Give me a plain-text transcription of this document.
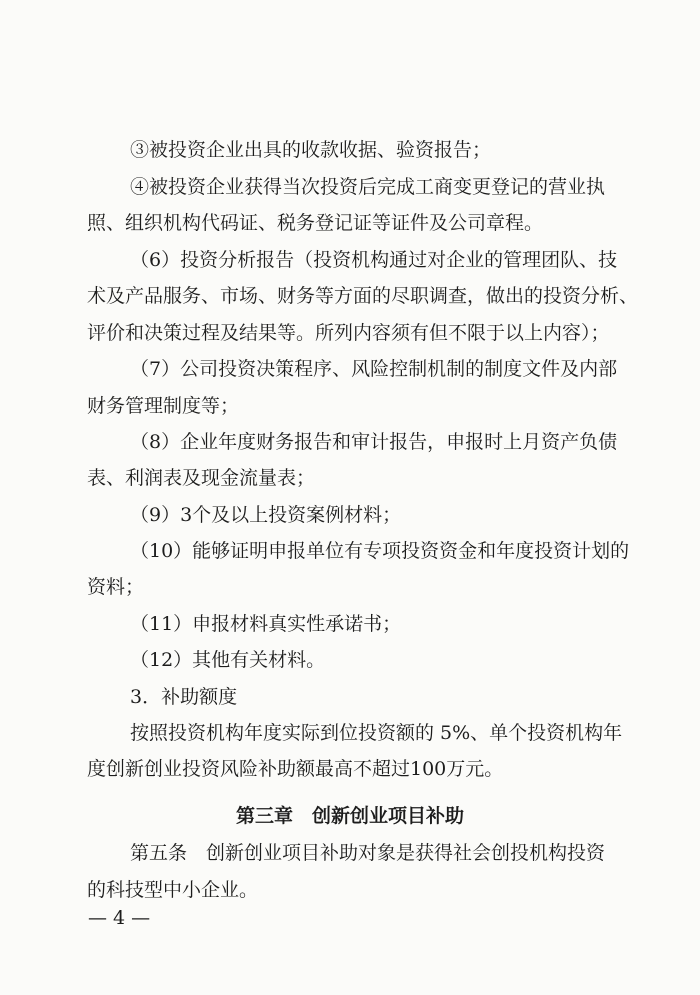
③被投资企业出具的收款收据、验资报告；
④被投资企业获得当次投资后完成工商变更登记的营业执
照、组织机构代码证、税务登记证等证件及公司章程。
（6）投资分析报告（投资机构通过对企业的管理团队、技
术及产品服务、市场、财务等方面的尽职调查，做出的投资分析、
评价和决策过程及结果等。所列内容须有但不限于以上内容）；
（7）公司投资决策程序、风险控制机制的制度文件及内部
财务管理制度等；
（8）企业年度财务报告和审计报告，申报时上月资产负债
表、利润表及现金流量表；
（9）3个及以上投资案例材料；
（10）能够证明申报单位有专项投资资金和年度投资计划的
资料；
（11）申报材料真实性承诺书；
（12）其他有关材料。
3．补助额度
按照投资机构年度实际到位投资额的 5%、单个投资机构年
度创新创业投资风险补助额最高不超过100万元。
第三章　创新创业项目补助
第五条　创新创业项目补助对象是获得社会创投机构投资
的科技型中小企业。
— 4 —
